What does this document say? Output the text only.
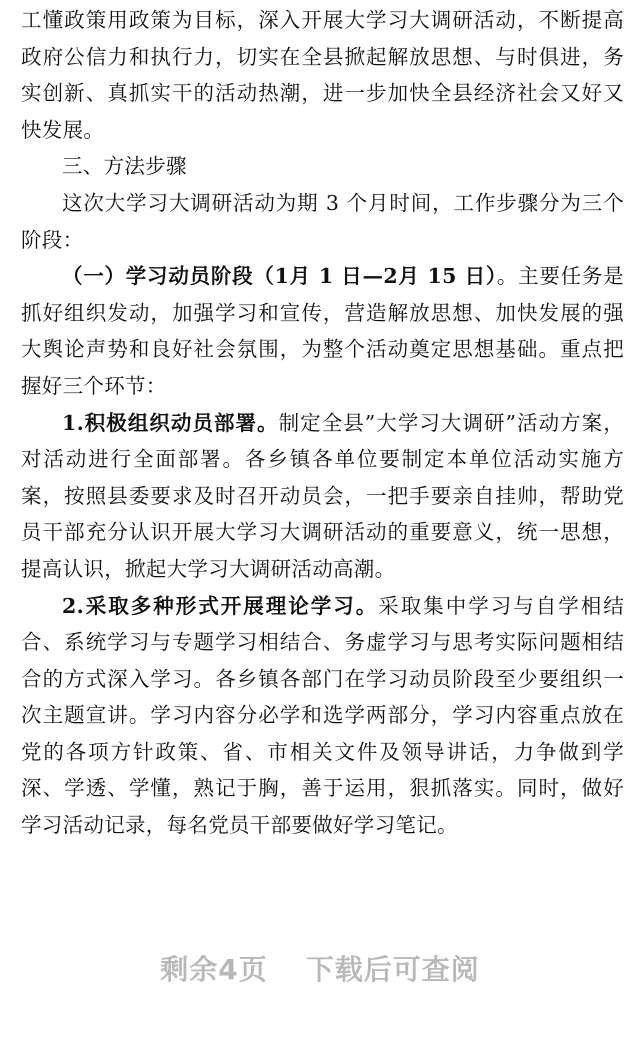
工懂政策用政策为目标，深入开展大学习大调研活动，不断提高政府公信力和执行力，切实在全县掀起解放思想、与时俱进，务实创新、真抓实干的活动热潮，进一步加快全县经济社会又好又快发展。

三、方法步骤

这次大学习大调研活动为期 3 个月时间，工作步骤分为三个阶段：

（一）学习动员阶段（1月 1 日—2月 15 日）。主要任务是抓好组织发动，加强学习和宣传，营造解放思想、加快发展的强大舆论声势和良好社会氛围，为整个活动奠定思想基础。重点把握好三个环节：

1.积极组织动员部署。制定全县”大学习大调研”活动方案，对活动进行全面部署。各乡镇各单位要制定本单位活动实施方案，按照县委要求及时召开动员会，一把手要亲自挂帅，帮助党员干部充分认识开展大学习大调研活动的重要意义，统一思想，提高认识，掀起大学习大调研活动高潮。

2.采取多种形式开展理论学习。采取集中学习与自学相结合、系统学习与专题学习相结合、务虚学习与思考实际问题相结合的方式深入学习。各乡镇各部门在学习动员阶段至少要组织一次主题宣讲。学习内容分必学和选学两部分，学习内容重点放在党的各项方针政策、省、市相关文件及领导讲话，力争做到学深、学透、学懂，熟记于胸，善于运用，狠抓落实。同时，做好学习活动记录，每名党员干部要做好学习笔记。

剩余4页 下载后可查阅
